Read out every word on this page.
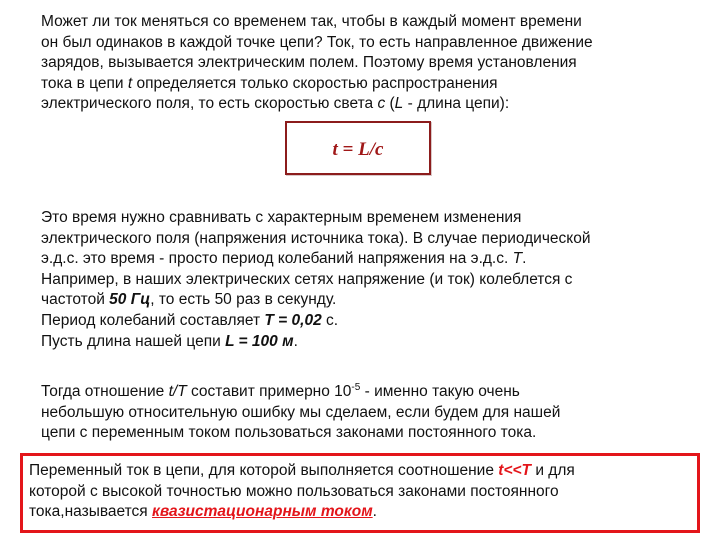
Может ли ток меняться со временем так, чтобы в каждый момент времени
он был одинаков в каждой точке цепи? Ток, то есть направленное движение
зарядов, вызывается электрическим полем. Поэтому время установления
тока в цепи t определяется только скоростью распространения
электрического поля, то есть скоростью света c (L - длина цепи):
t = L/c
Это время нужно сравнивать с характерным временем изменения
электрического поля (напряжения источника тока). В случае периодической
э.д.с. это время - просто период колебаний напряжения на э.д.с. T.
Например, в наших электрических сетях напряжение (и ток) колеблется с
частотой 50 Гц, то есть 50 раз в секунду.
Период колебаний составляет T = 0,02 с.
Пусть длина нашей цепи L = 100 м.
Тогда отношение t/T составит примерно $10^{-5}$ - именно такую очень
небольшую относительную ошибку мы сделаем, если будем для нашей
цепи с переменным током пользоваться законами постоянного тока.
Переменный ток в цепи, для которой выполняется соотношение t<<T и для
которой с высокой точностью можно пользоваться законами постоянного
тока,называется квазистационарным током.
